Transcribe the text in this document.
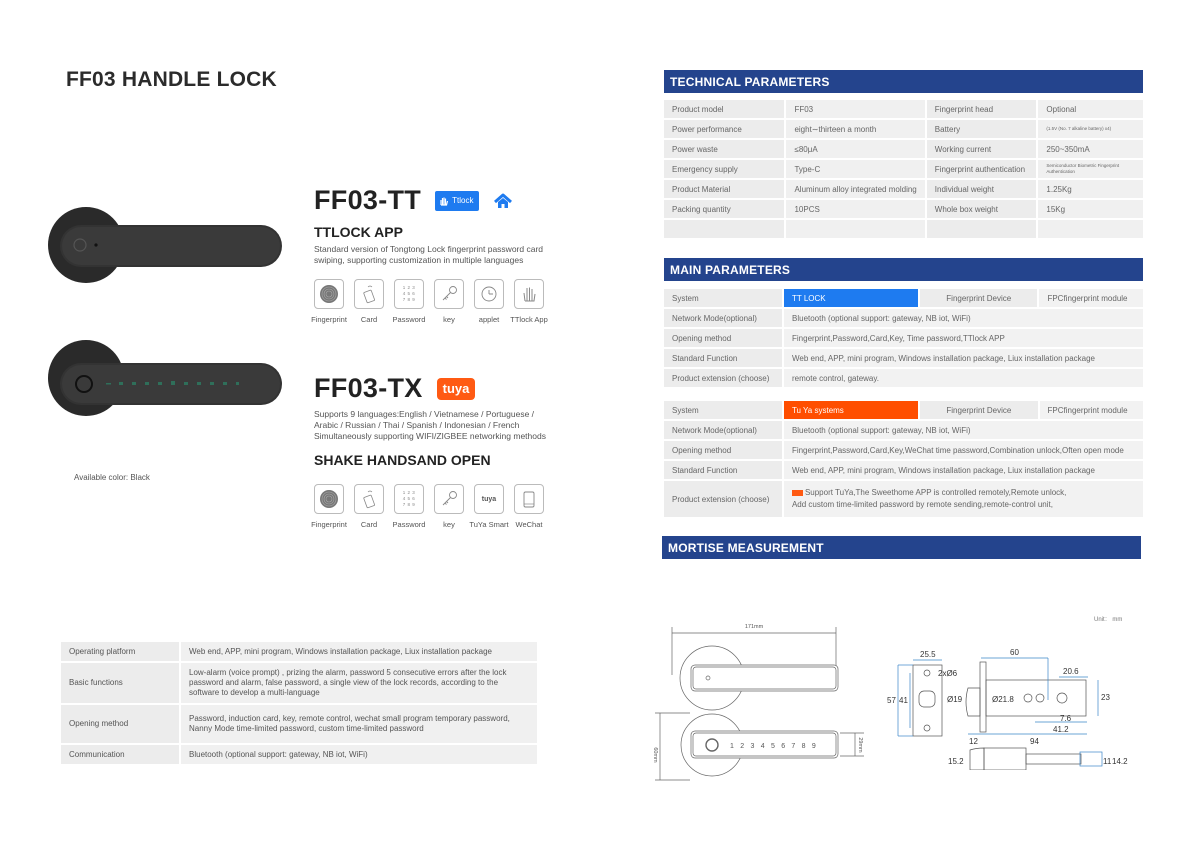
FF03 HANDLE LOCK
Available color: Black
FF03-TT	Ttlock
TTLOCK APP
Standard version of Tongtong Lock fingerprint password card
swiping, supporting customization in multiple languages
Fingerprint Card
1 2 3
4 5 6
7 8 9
Password key	applet TTlock App
FF03-TX	tuya
Supports 9 languages:English / Vietnamese / Portuguese /
Arabic / Russian / Thai / Spanish / Indonesian / French
Simultaneously supporting WIFI/ZIGBEE networking methods
SHAKE HANDSAND OPEN
Fingerprint Card
1 2 3
4 5 6
7 8 9
Password key
tuya
TuYa Smart WeChat
Operating platform	Web end, APP, mini program, Windows installation package, Liux installation package
Basic functions	Low-alarm (voice prompt) , prizing the alarm, password 5 consecutive errors after the lock password and alarm, false password, a single view of the lock records, according to the software to develop a multi-language
Opening method	Password, induction card, key, remote control, wechat small program temporary password, Nanny Mode time-limited password, custom time-limited password
Communication	Bluetooth (optional support: gateway, NB iot, WiFi)
TECHNICAL PARAMETERS
Product model	FF03	Fingerprint head	Optional
Power performance	eight∼thirteen a month	Battery	(1.5V (No. 7 alkaline battery) x4)
Power waste	≤80μA	Working current	250~350mA
Emergency supply	Type-C	Fingerprint authentication	Semiconductor Biometric Fingerprint Authentication
Product Material	Aluminum alloy integrated molding	Individual weight	1.25Kg
Packing quantity	10PCS	Whole box weight	15Kg

MAIN PARAMETERS
System	TT LOCK	Fingerprint Device	FPCfingerprint module
Network Mode(optional)	Bluetooth (optional support: gateway, NB iot, WiFi)		
Opening method	Fingerprint,Password,Card,Key, Time password,TTlock APP		
Standard Function	Web end, APP, mini program, Windows installation package, Liux installation package		
Product extension (choose)	remote control, gateway.		
System	Tu Ya systems	Fingerprint Device	FPCfingerprint module
Network Mode(optional)	Bluetooth (optional support: gateway, NB iot, WiFi)		
Opening method	Fingerprint,Password,Card,Key,WeChat time password,Combination unlock,Often open mode		
Standard Function	Web end, APP, mini program, Windows installation package, Liux installation package		
Product extension (choose)	Support TuYa,The Sweethome APP is controlled remotely,Remote unlock,
Add custom time-limited password by remote sending,remote-control unit,		
MORTISE MEASUREMENT
Unit： mm
171mm
1 2 3 4 5 6 7 8 9
60mm
29mm
25.5
2xØ6
57 41
60
Ø19	Ø21.8
20.6
23
7.6
41.2
12	94
15.2	11 14.2
